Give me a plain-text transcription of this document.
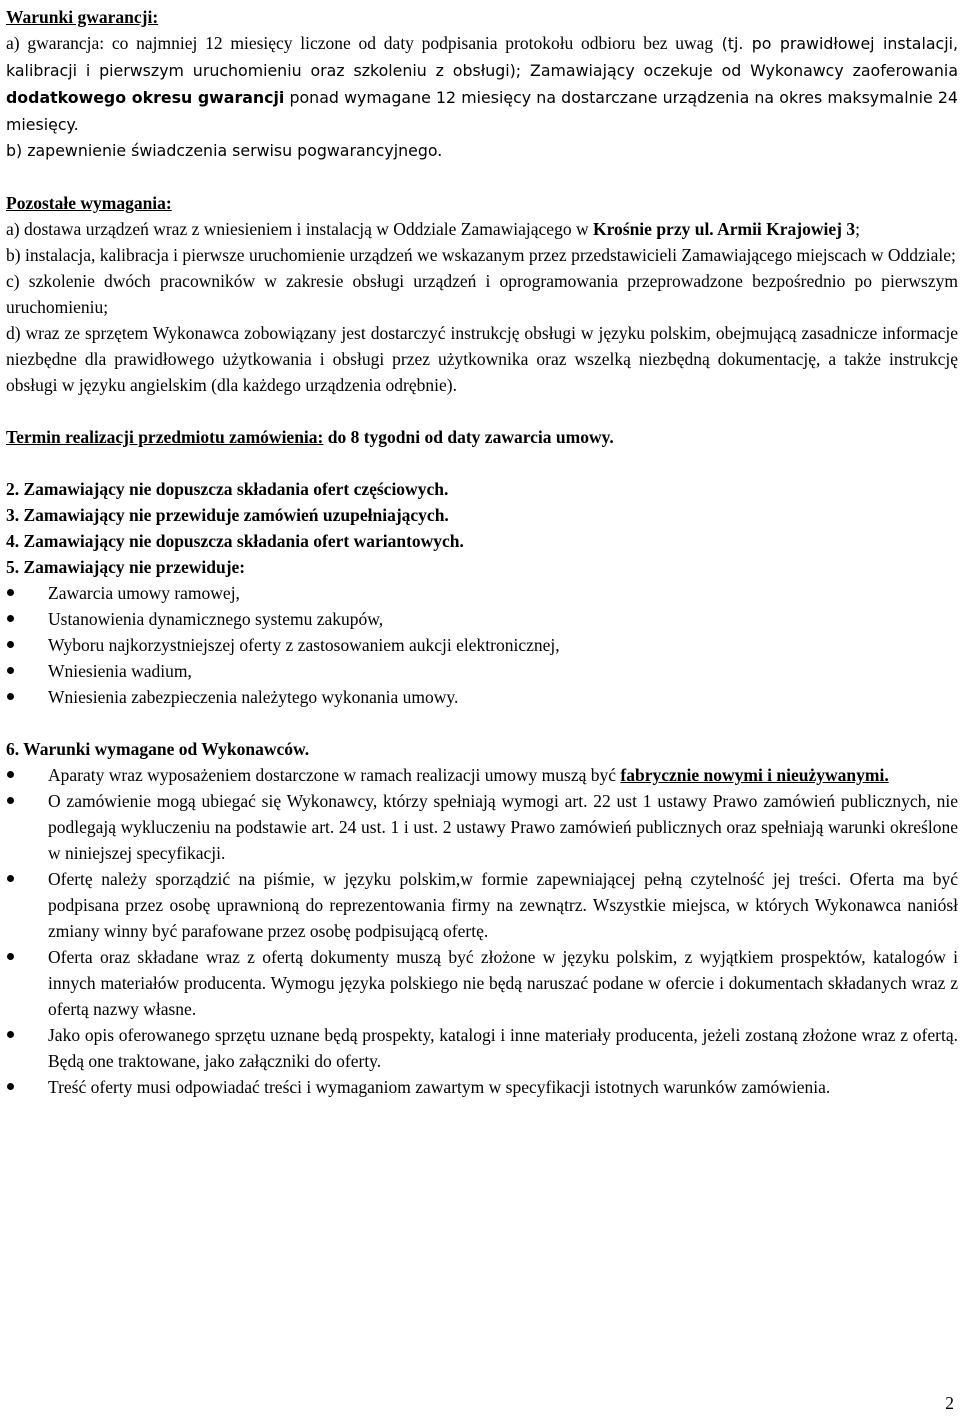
Warunki gwarancji:

a) gwarancja: co najmniej 12 miesięcy liczone od daty podpisania protokołu odbioru bez uwag (tj. po prawidłowej instalacji, kalibracji i pierwszym uruchomieniu oraz szkoleniu z obsługi); Zamawiający oczekuje od Wykonawcy zaoferowania dodatkowego okresu gwarancji ponad wymagane 12 miesięcy na dostarczane urządzenia na okres maksymalnie 24 miesięcy.

b) zapewnienie świadczenia serwisu pogwarancyjnego.

Pozostałe wymagania:

a) dostawa urządzeń wraz z wniesieniem i instalacją w Oddziale Zamawiającego w Krośnie przy ul. Armii Krajowiej 3;

b) instalacja, kalibracja i pierwsze uruchomienie urządzeń we wskazanym przez przedstawicieli Zamawiającego miejscach w Oddziale;

c) szkolenie dwóch pracowników w zakresie obsługi urządzeń i oprogramowania przeprowadzone bezpośrednio po pierwszym uruchomieniu;

d) wraz ze sprzętem Wykonawca zobowiązany jest dostarczyć instrukcję obsługi w języku polskim, obejmującą zasadnicze informacje niezbędne dla prawidłowego użytkowania i obsługi przez użytkownika oraz wszelką niezbędną dokumentację, a także instrukcję obsługi w języku angielskim (dla każdego urządzenia odrębnie).

Termin realizacji przedmiotu zamówienia: do 8 tygodni od daty zawarcia umowy.

2. Zamawiający nie dopuszcza składania ofert częściowych.

3. Zamawiający nie przewiduje zamówień uzupełniających.

4. Zamawiający nie dopuszcza składania ofert wariantowych.

5. Zamawiający nie przewiduje:

Zawarcia umowy ramowej,
Ustanowienia dynamicznego systemu zakupów,
Wyboru najkorzystniejszej oferty z zastosowaniem aukcji elektronicznej,
Wniesienia wadium,
Wniesienia zabezpieczenia należytego wykonania umowy.

6. Warunki wymagane od Wykonawców.

Aparaty wraz wyposażeniem dostarczone w ramach realizacji umowy muszą być fabrycznie nowymi i nieużywanymi.
O zamówienie mogą ubiegać się Wykonawcy, którzy spełniają wymogi art. 22 ust 1 ustawy Prawo zamówień publicznych, nie podlegają wykluczeniu na podstawie art. 24 ust. 1 i ust. 2 ustawy Prawo zamówień publicznych oraz spełniają warunki określone w niniejszej specyfikacji.
Ofertę należy sporządzić na piśmie, w języku polskim,w formie zapewniającej pełną czytelność jej treści. Oferta ma być podpisana przez osobę uprawnioną do reprezentowania firmy na zewnątrz. Wszystkie miejsca, w których Wykonawca naniósł zmiany winny być parafowane przez osobę podpisującą ofertę.
Oferta oraz składane wraz z ofertą dokumenty muszą być złożone w języku polskim, z wyjątkiem prospektów, katalogów i innych materiałów producenta. Wymogu języka polskiego nie będą naruszać podane w ofercie i dokumentach składanych wraz z ofertą nazwy własne.
Jako opis oferowanego sprzętu uznane będą prospekty, katalogi i inne materiały producenta, jeżeli zostaną złożone wraz z ofertą. Będą one traktowane, jako załączniki do oferty.
Treść oferty musi odpowiadać treści i wymaganiom zawartym w specyfikacji istotnych warunków zamówienia.
2
